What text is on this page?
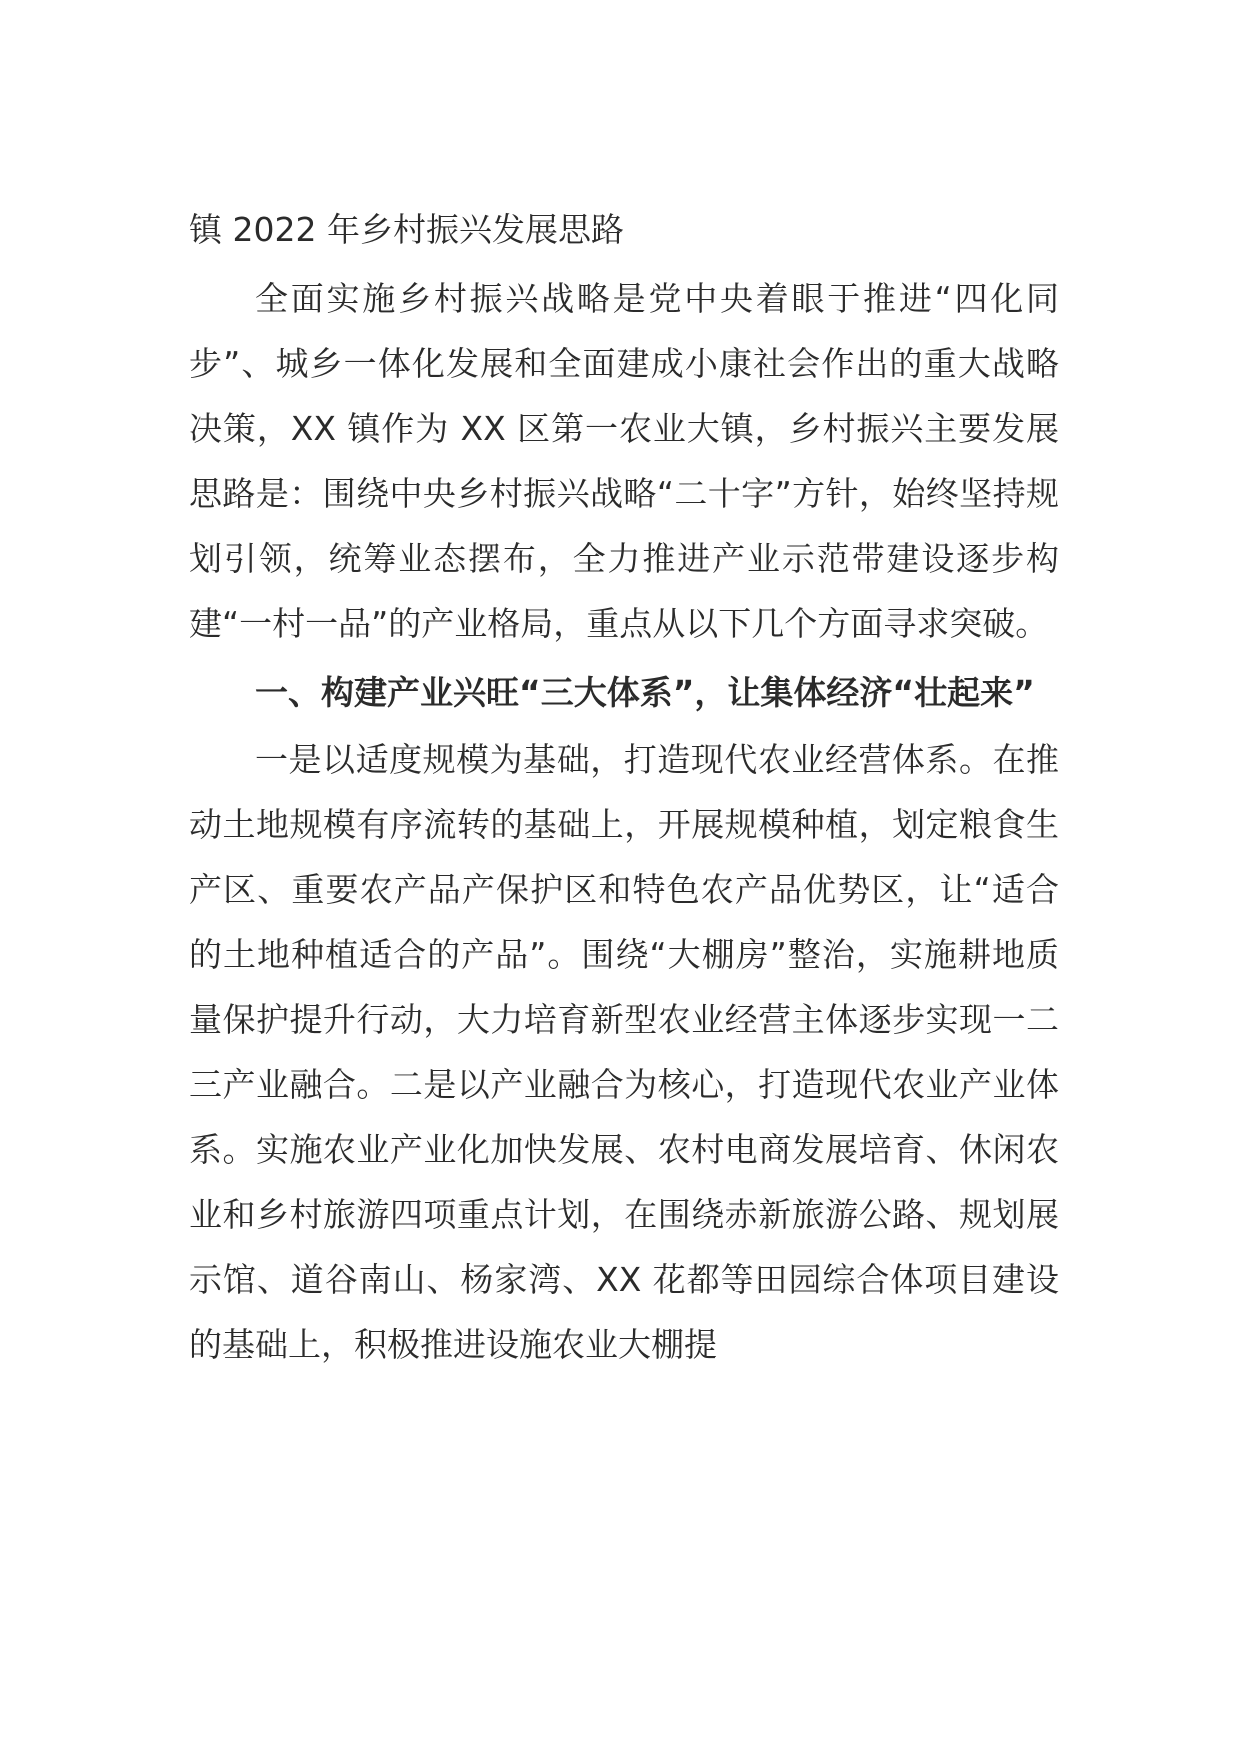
镇 2022 年乡村振兴发展思路

全面实施乡村振兴战略是党中央着眼于推进“四化同步”、城乡一体化发展和全面建成小康社会作出的重大战略决策，XX 镇作为 XX 区第一农业大镇，乡村振兴主要发展思路是：围绕中央乡村振兴战略“二十字”方针，始终坚持规划引领，统筹业态摆布，全力推进产业示范带建设逐步构建“一村一品”的产业格局，重点从以下几个方面寻求突破。

一、构建产业兴旺“三大体系”，让集体经济“壮起来”

一是以适度规模为基础，打造现代农业经营体系。在推动土地规模有序流转的基础上，开展规模种植，划定粮食生产区、重要农产品产保护区和特色农产品优势区，让“适合的土地种植适合的产品”。围绕“大棚房”整治，实施耕地质量保护提升行动，大力培育新型农业经营主体逐步实现一二三产业融合。二是以产业融合为核心，打造现代农业产业体系。实施农业产业化加快发展、农村电商发展培育、休闲农业和乡村旅游四项重点计划，在围绕赤新旅游公路、规划展示馆、道谷南山、杨家湾、XX 花都等田园综合体项目建设的基础上，积极推进设施农业大棚提
